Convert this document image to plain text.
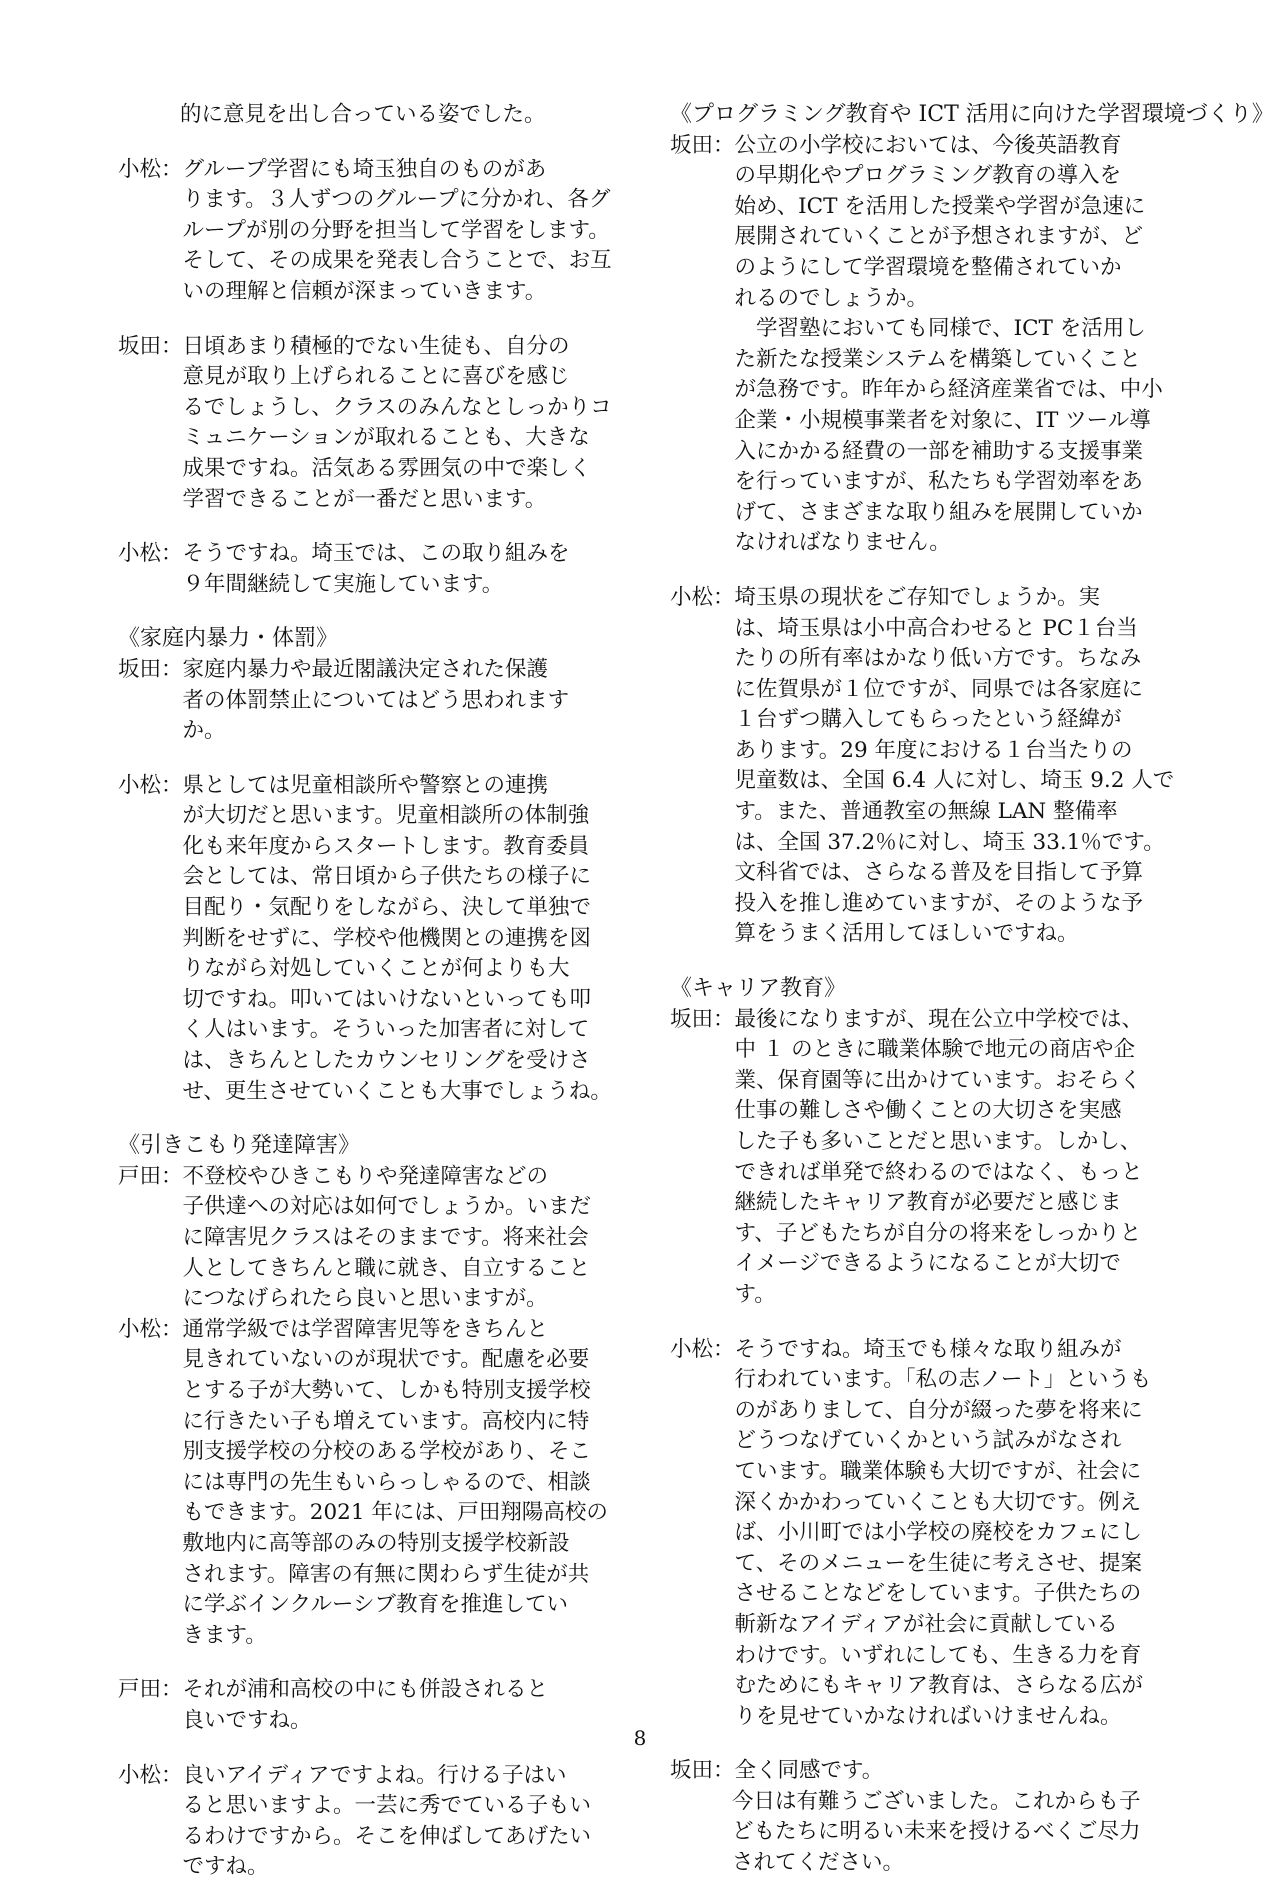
的に意見を出し合っている姿でした。
小松： グループ学習にも埼玉独自のものがあ
ります。３人ずつのグループに分かれ、各グ
ループが別の分野を担当して学習をします。
そして、その成果を発表し合うことで、お互
いの理解と信頼が深まっていきます。
坂田： 日頃あまり積極的でない生徒も、自分の
意見が取り上げられることに喜びを感じ
るでしょうし、クラスのみんなとしっかりコ
ミュニケーションが取れることも、大きな
成果ですね。活気ある雰囲気の中で楽しく
学習できることが一番だと思います。
小松： そうですね。埼玉では、この取り組みを
９年間継続して実施しています。
《家庭内暴力・体罰》
坂田： 家庭内暴力や最近閣議決定された保護
者の体罰禁止についてはどう思われます
か。
小松： 県としては児童相談所や警察との連携
が大切だと思います。児童相談所の体制強
化も来年度からスタートします。教育委員
会としては、常日頃から子供たちの様子に
目配り・気配りをしながら、決して単独で
判断をせずに、学校や他機関との連携を図
りながら対処していくことが何よりも大
切ですね。叩いてはいけないといっても叩
く人はいます。そういった加害者に対して
は、きちんとしたカウンセリングを受けさ
せ、更生させていくことも大事でしょうね。
《引きこもり発達障害》
戸田： 不登校やひきこもりや発達障害などの
子供達への対応は如何でしょうか。いまだ
に障害児クラスはそのままです。将来社会
人としてきちんと職に就き、自立すること
につなげられたら良いと思いますが。
小松： 通常学級では学習障害児等をきちんと
見きれていないのが現状です。配慮を必要
とする子が大勢いて、しかも特別支援学校
に行きたい子も増えています。高校内に特
別支援学校の分校のある学校があり、そこ
には専門の先生もいらっしゃるので、相談
もできます。2021 年には、戸田翔陽高校の
敷地内に高等部のみの特別支援学校新設
されます。障害の有無に関わらず生徒が共
に学ぶインクルーシブ教育を推進してい
きます。
戸田： それが浦和高校の中にも併設されると
良いですね。
小松： 良いアイディアですよね。行ける子はい
ると思いますよ。一芸に秀でている子もい
るわけですから。そこを伸ばしてあげたい
ですね。
《プログラミング教育や ICT 活用に向けた学習環境づくり》
坂田： 公立の小学校においては、今後英語教育
の早期化やプログラミング教育の導入を
始め、ICT を活用した授業や学習が急速に
展開されていくことが予想されますが、ど
のようにして学習環境を整備されていか
れるのでしょうか。
　学習塾においても同様で、ICT を活用し
た新たな授業システムを構築していくこと
が急務です。昨年から経済産業省では、中小
企業・小規模事業者を対象に、IT ツール導
入にかかる経費の一部を補助する支援事業
を行っていますが、私たちも学習効率をあ
げて、さまざまな取り組みを展開していか
なければなりません。
小松： 埼玉県の現状をご存知でしょうか。実
は、埼玉県は小中高合わせると PC１台当
たりの所有率はかなり低い方です。ちなみ
に佐賀県が１位ですが、同県では各家庭に
１台ずつ購入してもらったという経緯が
あります。29 年度における１台当たりの
児童数は、全国 6.4 人に対し、埼玉 9.2 人で
す。また、普通教室の無線 LAN 整備率
は、全国 37.2％に対し、埼玉 33.1％です。
文科省では、さらなる普及を目指して予算
投入を推し進めていますが、そのような予
算をうまく活用してほしいですね。
《キャリア教育》
坂田： 最後になりますが、現在公立中学校では、
中 １ のときに職業体験で地元の商店や企
業、保育園等に出かけています。おそらく
仕事の難しさや働くことの大切さを実感
した子も多いことだと思います。しかし、
できれば単発で終わるのではなく、もっと
継続したキャリア教育が必要だと感じま
す、子どもたちが自分の将来をしっかりと
イメージできるようになることが大切で
す。
小松： そうですね。埼玉でも様々な取り組みが
行われています。「私の志ノート」というも
のがありまして、自分が綴った夢を将来に
どうつなげていくかという試みがなされ
ています。職業体験も大切ですが、社会に
深くかかわっていくことも大切です。例え
ば、小川町では小学校の廃校をカフェにし
て、そのメニューを生徒に考えさせ、提案
させることなどをしています。子供たちの
斬新なアイディアが社会に貢献している
わけです。いずれにしても、生きる力を育
むためにもキャリア教育は、さらなる広が
りを見せていかなければいけませんね。
坂田： 全く同感です。
今日は有難うございました。これからも子
どもたちに明るい未来を授けるべくご尽力
されてください。
8
